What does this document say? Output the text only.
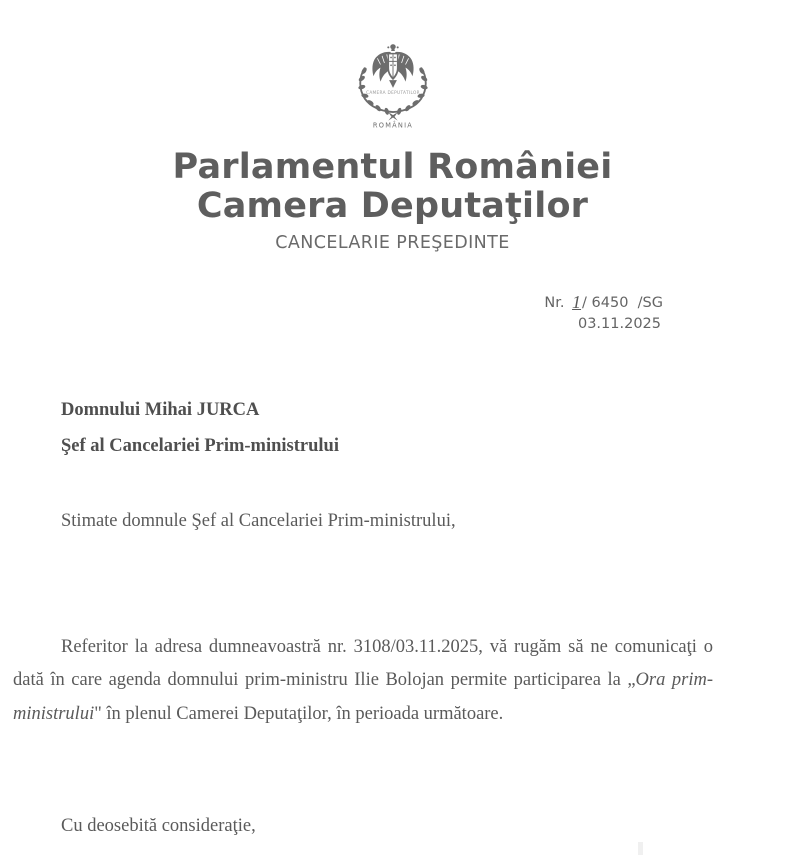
CAMERA DEPUTATILOR
ROMÂNIA
Parlamentul României
Camera Deputaţilor
CANCELARIE PREŞEDINTE
Nr. 1/ 6450 /SG
03.11.2025
Domnului Mihai JURCA
Şef al Cancelariei Prim-ministrului
Stimate domnule Şef al Cancelariei Prim-ministrului,

Referitor la adresa dumneavoastră nr. 3108/03.11.2025, vă rugăm să ne comunicaţi o dată în care agenda domnului prim-ministru Ilie Bolojan permite participarea la „Ora prim-ministrului" în plenul Camerei Deputaţilor, în perioada următoare.

Cu deosebită consideraţie,
